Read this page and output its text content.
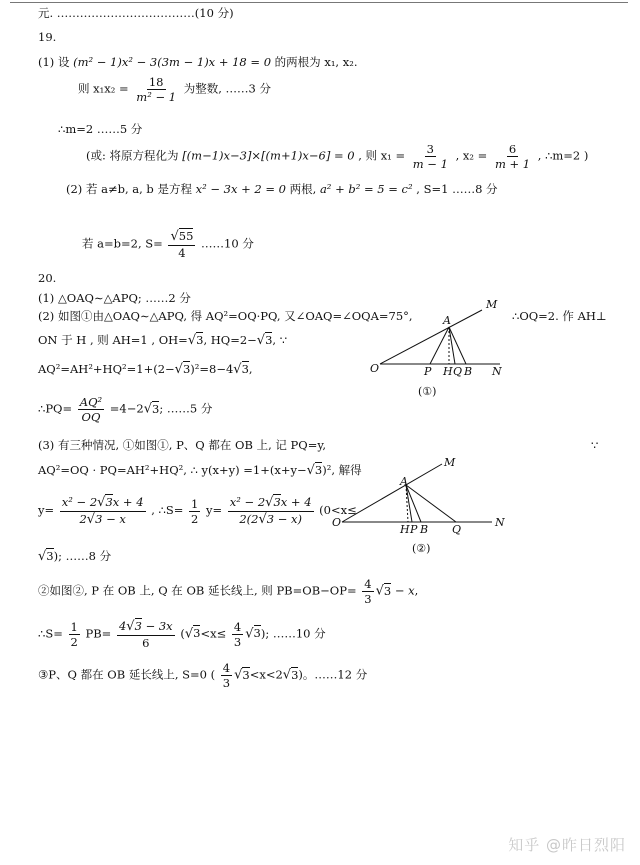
元. ………………………………(10 分)
19.
(1) 设 (m² − 1)x² − 3(3m − 1)x + 18 = 0 的两根为 x₁, x₂.
则 $x_1x_2 = \frac{18}{\text{m² − 1}}$ 为整数, ……3 分
∴m=2 ……5 分
(或: 将原方程化为 [(m−1)x−3]×[(m+1)x−6] = 0 , 则 $x_1 = \frac{3}{m - 1}$ , $x_2 = \frac{6}{m + 1}$ , ∴m=2 )
(2) 若 a≠b, a, b 是方程 x² − 3x + 2 = 0 两根, a² + b² = 5 = c² , S=1 ……8 分
若 a=b=2, $S= \frac{√55}{4}$ ……10 分
20.
(1) △OAQ∼△APQ; ……2 分
(2) 如图①由△OAQ∼△APQ, 得 AQ²=OQ·PQ, 又∠OAQ=∠OQA=75°,	∴OQ=2. 作 AH⊥
ON 于 H , 则 AH=1 , OH=√3, HQ=2−√3, ∵
AQ²=AH²+HQ²=1+(2−√3)²=8−4√3,
∴PQ= $\frac{\text{AQ²}}{OQ} =4-2√3$; ……5 分
(3) 有三种情况, ①如图①, P、Q 都在 OB 上, 记 PQ=y,	∵
AQ²=OQ · PQ=AH²+HQ², ∴ y(x+y) =1+(x+y−√3)², 解得
$y= \frac{\text{x² − 2√3x + 4}}{2√3 - x}$ , ∴S= $\frac{1}{2} y= \frac{\text{x² − 2√3x + 4}}{2(2√3 - x)} (0<x\le$
√3); ……8 分
②如图②, P 在 OB 上, Q 在 OB 延长线上, 则 $PB=OB-OP= \frac{4}{3} √3 - x$,
∴S= $\frac{1}{2} PB= \frac{4√3 - 3x}{6} (√3<x\le \frac{4}{3} √3)$; ……10 分
③P、Q 都在 OB 延长线上, S=0 ( $\frac{4}{3} √3<x<2√3$)。……12 分
M
A
O	P H Q B N
(①)
M
A
O
H P B Q
N
(②)
知乎 @昨日烈阳
